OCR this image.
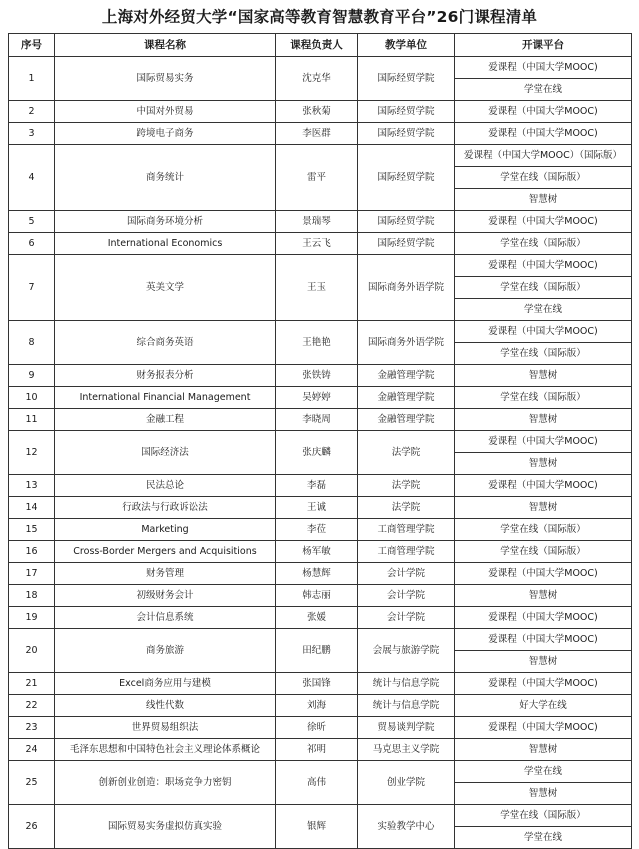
上海对外经贸大学“国家高等教育智慧教育平台”26门课程清单
序号	课程名称	课程负责人	教学单位	开课平台
1	国际贸易实务	沈克华	国际经贸学院	爱课程（中国大学MOOC)
				学堂在线
2	中国对外贸易	张秋菊	国际经贸学院	爱课程（中国大学MOOC)
3	跨境电子商务	李医群	国际经贸学院	爱课程（中国大学MOOC)
4	商务统计	雷平	国际经贸学院	爱课程（中国大学MOOC）（国际版）
				学堂在线（国际版）
				智慧树
5	国际商务环境分析	景瑞琴	国际经贸学院	爱课程（中国大学MOOC)
6	International Economics	王云飞	国际经贸学院	学堂在线（国际版）
7	英美文学	王玉	国际商务外语学院	爱课程（中国大学MOOC)
				学堂在线（国际版）
				学堂在线
8	综合商务英语	王艳艳	国际商务外语学院	爱课程（中国大学MOOC)
				学堂在线（国际版）
9	财务报表分析	张铁铸	金融管理学院	智慧树
10	International Financial Management	吴婷婷	金融管理学院	学堂在线（国际版）
11	金融工程	李晓周	金融管理学院	智慧树
12	国际经济法	张庆麟	法学院	爱课程（中国大学MOOC)
				智慧树
13	民法总论	李磊	法学院	爱课程（中国大学MOOC)
14	行政法与行政诉讼法	王诚	法学院	智慧树
15	Marketing	李莅	工商管理学院	学堂在线（国际版）
16	Cross-Border Mergers and Acquisitions	杨军敏	工商管理学院	学堂在线（国际版）
17	财务管理	杨慧辉	会计学院	爱课程（中国大学MOOC)
18	初级财务会计	韩志丽	会计学院	智慧树
19	会计信息系统	张媛	会计学院	爱课程（中国大学MOOC)
20	商务旅游	田纪鹏	会展与旅游学院	爱课程（中国大学MOOC)
				智慧树
21	Excel商务应用与建模	张国锋	统计与信息学院	爱课程（中国大学MOOC)
22	线性代数	刘海	统计与信息学院	好大学在线
23	世界贸易组织法	徐昕	贸易谈判学院	爱课程（中国大学MOOC)
24	毛泽东思想和中国特色社会主义理论体系概论	祁明	马克思主义学院	智慧树
25	创新创业创造：职场竞争力密钥	高伟	创业学院	学堂在线
				智慧树
26	国际贸易实务虚拟仿真实验	银辉	实验教学中心	学堂在线（国际版）
				学堂在线
